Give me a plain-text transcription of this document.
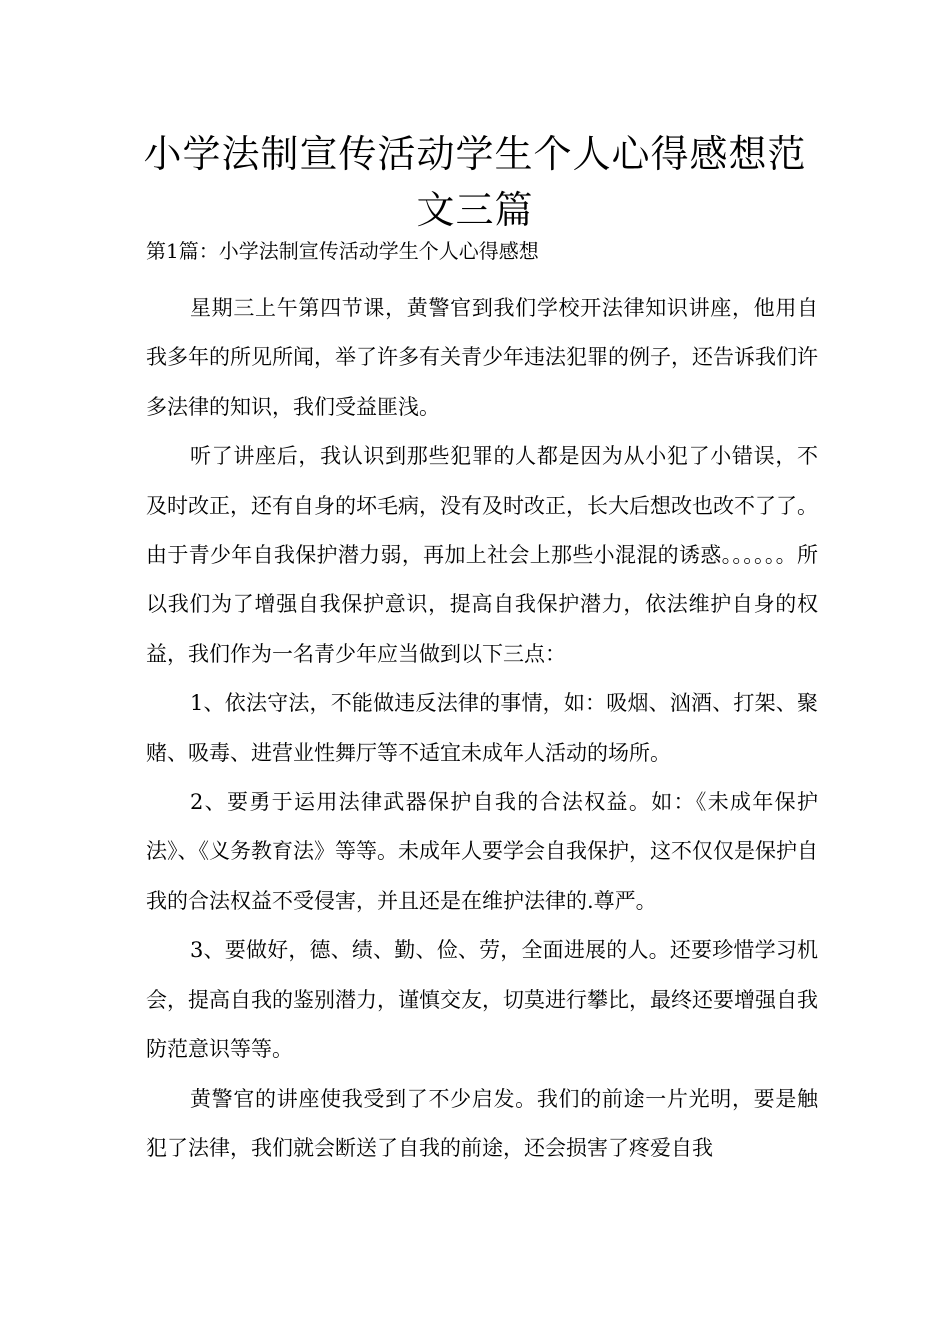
小学法制宣传活动学生个人心得感想范文三篇
第1篇：小学法制宣传活动学生个人心得感想

星期三上午第四节课，黄警官到我们学校开法律知识讲座，他用自我多年的所见所闻，举了许多有关青少年违法犯罪的例子，还告诉我们许多法律的知识，我们受益匪浅。

听了讲座后，我认识到那些犯罪的人都是因为从小犯了小错误，不及时改正，还有自身的坏毛病，没有及时改正，长大后想改也改不了了。由于青少年自我保护潜力弱，再加上社会上那些小混混的诱惑。。。。。。所以我们为了增强自我保护意识，提高自我保护潜力，依法维护自身的权益，我们作为一名青少年应当做到以下三点：

1、依法守法，不能做违反法律的事情，如：吸烟、汹酒、打架、聚赌、吸毒、进营业性舞厅等不适宜未成年人活动的场所。

2、要勇于运用法律武器保护自我的合法权益。如：《未成年保护法》、《义务教育法》等等。未成年人要学会自我保护，这不仅仅是保护自我的合法权益不受侵害，并且还是在维护法律的.尊严。

3、要做好，德、绩、勤、俭、劳，全面进展的人。还要珍惜学习机会，提高自我的鉴别潜力，谨慎交友，切莫进行攀比，最终还要增强自我防范意识等等。

黄警官的讲座使我受到了不少启发。我们的前途一片光明，要是触犯了法律，我们就会断送了自我的前途，还会损害了疼爱自我
